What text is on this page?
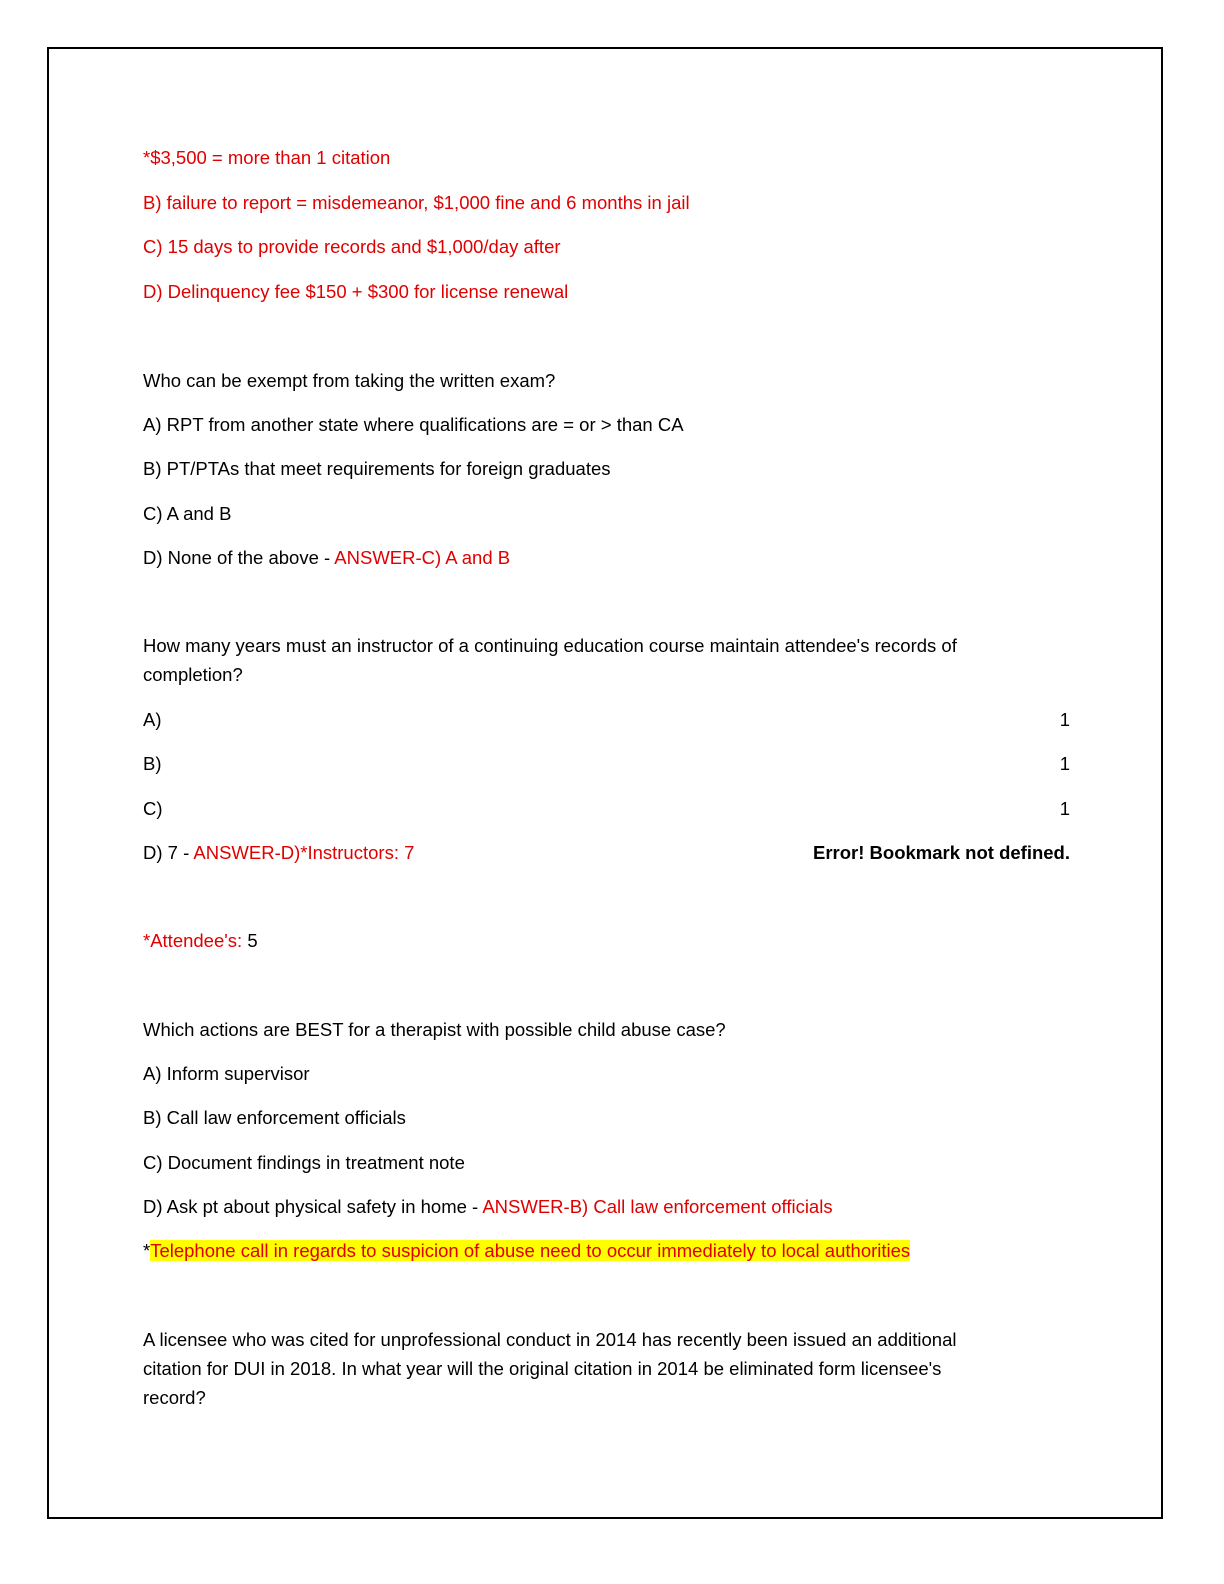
*$3,500 = more than 1 citation
B) failure to report = misdemeanor, $1,000 fine and 6 months in jail
C) 15 days to provide records and $1,000/day after
D) Delinquency fee $150 + $300 for license renewal
Who can be exempt from taking the written exam?
A) RPT from another state where qualifications are = or > than CA
B) PT/PTAs that meet requirements for foreign graduates
C) A and B
D) None of the above - ANSWER-C) A and B
How many years must an instructor of a continuing education course maintain attendee's records of
completion?
A)	1
B)	1
C)	1
D) 7 - ANSWER-D)*Instructors: 7	Error! Bookmark not defined.
*Attendee's: 5
Which actions are BEST for a therapist with possible child abuse case?
A) Inform supervisor
B) Call law enforcement officials
C) Document findings in treatment note
D) Ask pt about physical safety in home - ANSWER-B) Call law enforcement officials
*Telephone call in regards to suspicion of abuse need to occur immediately to local authorities
A licensee who was cited for unprofessional conduct in 2014 has recently been issued an additional
citation for DUI in 2018. In what year will the original citation in 2014 be eliminated form licensee's
record?
